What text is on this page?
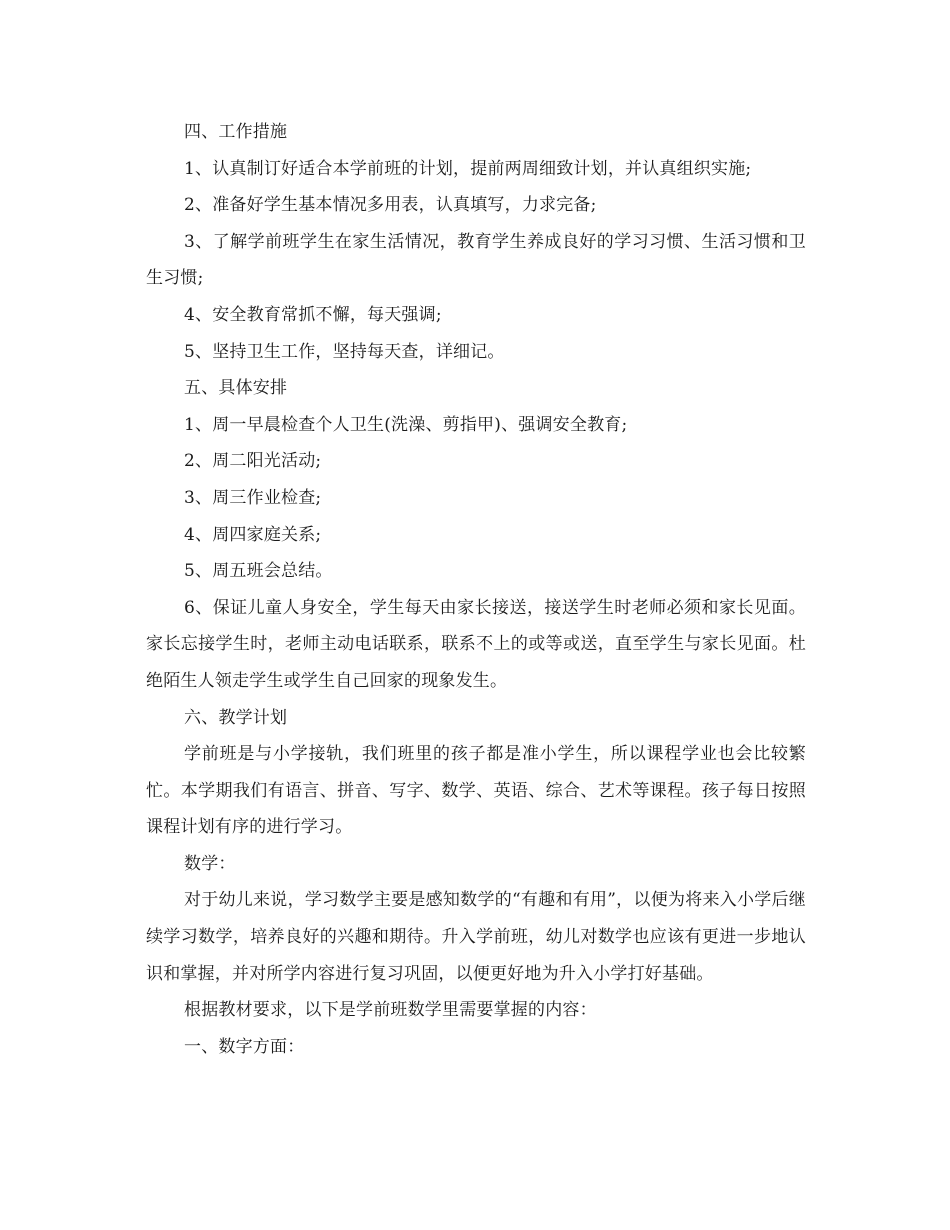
四、工作措施

1、认真制订好适合本学前班的计划，提前两周细致计划，并认真组织实施;

2、准备好学生基本情况多用表，认真填写，力求完备;

3、了解学前班学生在家生活情况，教育学生养成良好的学习习惯、生活习惯和卫生习惯;

4、安全教育常抓不懈，每天强调;

5、坚持卫生工作，坚持每天查，详细记。

五、具体安排

1、周一早晨检查个人卫生(洗澡、剪指甲)、强调安全教育;

2、周二阳光活动;

3、周三作业检查;

4、周四家庭关系;

5、周五班会总结。

6、保证儿童人身安全，学生每天由家长接送，接送学生时老师必须和家长见面。家长忘接学生时，老师主动电话联系，联系不上的或等或送，直至学生与家长见面。杜绝陌生人领走学生或学生自己回家的现象发生。

六、教学计划

学前班是与小学接轨，我们班里的孩子都是准小学生，所以课程学业也会比较繁忙。本学期我们有语言、拼音、写字、数学、英语、综合、艺术等课程。孩子每日按照课程计划有序的进行学习。

数学：

对于幼儿来说，学习数学主要是感知数学的“有趣和有用”，以便为将来入小学后继续学习数学，培养良好的兴趣和期待。升入学前班，幼儿对数学也应该有更进一步地认识和掌握，并对所学内容进行复习巩固，以便更好地为升入小学打好基础。

根据教材要求，以下是学前班数学里需要掌握的内容：

一、数字方面：
